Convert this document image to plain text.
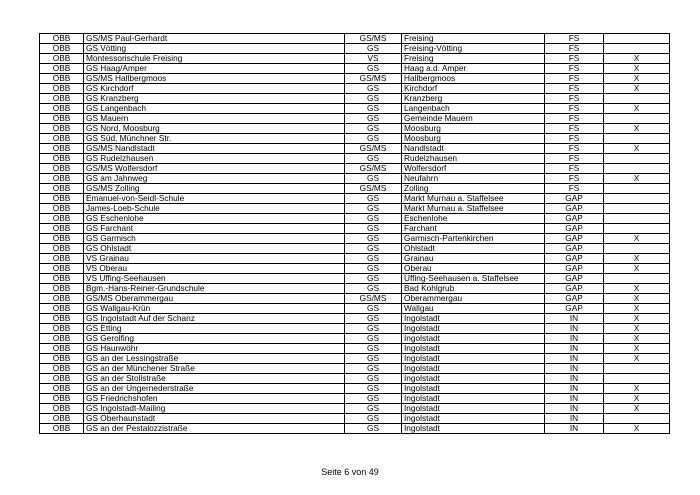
OBB	GS/MS Paul-Gerhardt	GS/MS	Freising	FS	
OBB	GS Vötting	GS	Freising-Vötting	FS	
OBB	Montessorischule Freising	VS	Freising	FS	X
OBB	GS Haag/Amper	GS	Haag a.d. Amper	FS	X
OBB	GS/MS Hallbergmoos	GS/MS	Hallbergmoos	FS	X
OBB	GS Kirchdorf	GS	Kirchdorf	FS	X
OBB	GS Kranzberg	GS	Kranzberg	FS	
OBB	GS Langenbach	GS	Langenbach	FS	X
OBB	GS Mauern	GS	Gemeinde Mauern	FS	
OBB	GS Nord, Moosburg	GS	Moosburg	FS	X
OBB	GS Süd, Münchner Str.	GS	Moosburg	FS	
OBB	GS/MS Nandlstadt	GS/MS	Nandlstadt	FS	X
OBB	GS Rudelzhausen	GS	Rudelzhausen	FS	
OBB	GS/MS Wolfersdorf	GS/MS	Wolfersdorf	FS	
OBB	GS am Jahnweg	GS	Neufahrn	FS	X
OBB	GS/MS Zolling	GS/MS	Zolling	FS	
OBB	Emanuel-von-Seidl-Schule	GS	Markt Murnau a. Staffelsee	GAP	
OBB	James-Loeb-Schule	GS	Markt Murnau a. Staffelsee	GAP	
OBB	GS Eschenlohe	GS	Eschenlohe	GAP	
OBB	GS Farchant	GS	Farchant	GAP	
OBB	GS Garmisch	GS	Garmisch-Partenkirchen	GAP	X
OBB	GS Ohlstadt	GS	Ohlstadt	GAP	
OBB	VS Grainau	GS	Grainau	GAP	X
OBB	VS Oberau	GS	Oberau	GAP	X
OBB	VS Uffing-Seehausen	GS	Uffing-Seehausen a. Staffelsee	GAP	
OBB	Bgm.-Hans-Reiner-Grundschule	GS	Bad Kohlgrub	GAP	X
OBB	GS/MS Oberammergau	GS/MS	Oberammergau	GAP	X
OBB	GS Wallgau-Krün	GS	Wallgau	GAP	X
OBB	GS Ingolstadt Auf der Schanz	GS	Ingolstadt	IN	X
OBB	GS Etting	GS	Ingolstadt	IN	X
OBB	GS Gerolfing	GS	Ingolstadt	IN	X
OBB	GS Haunwöhr	GS	Ingolstadt	IN	X
OBB	GS an der Lessingstraße	GS	Ingolstadt	IN	X
OBB	GS an der Münchener Straße	GS	Ingolstadt	IN	
OBB	GS an der Stollstraße	GS	Ingolstadt	IN	
OBB	GS an der Ungernederstraße	GS	Ingolstadt	IN	X
OBB	GS Friedrichshofen	GS	Ingolstadt	IN	X
OBB	GS Ingolstadt-Mailing	GS	Ingolstadt	IN	X
OBB	GS Oberhaunstadt	GS	Ingolstadt	IN	
OBB	GS an der Pestalozzistraße	GS	Ingolstadt	IN	X
Seite 6 von 49
